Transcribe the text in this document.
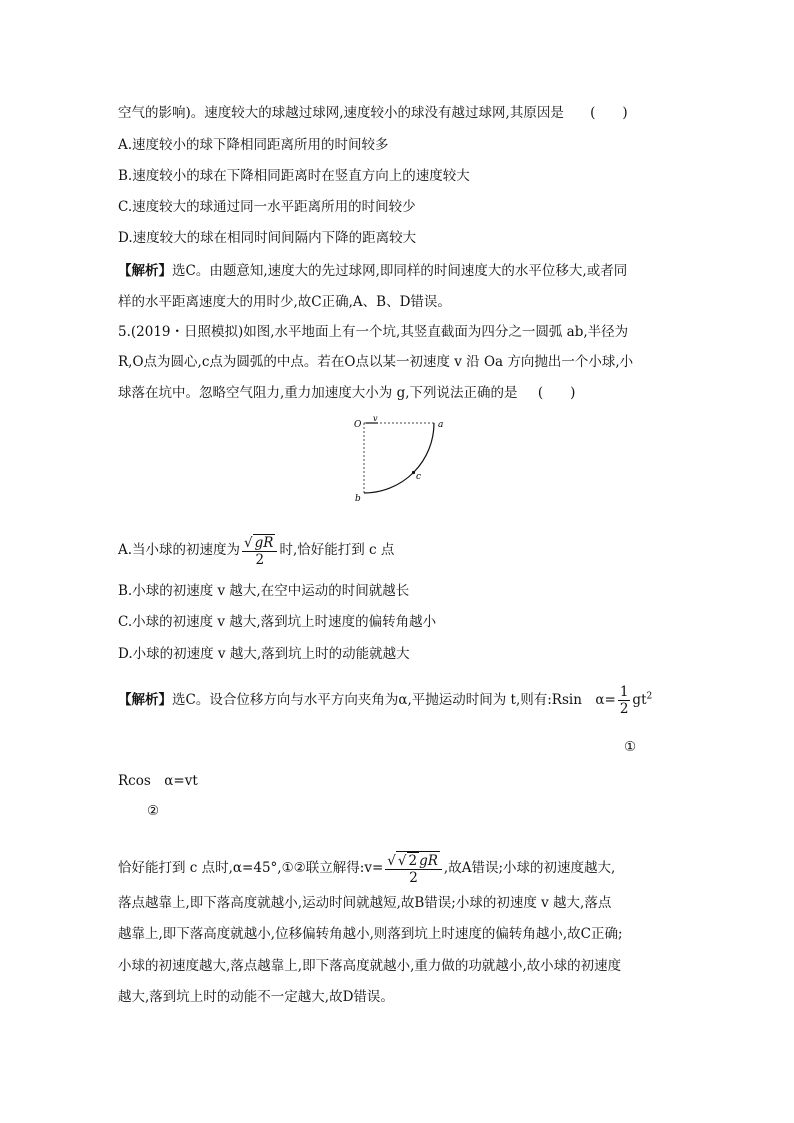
空气的影响)。速度较大的球越过球网,速度较小的球没有越过球网,其原因是 (　　)
A.速度较小的球下降相同距离所用的时间较多
B.速度较小的球在下降相同距离时在竖直方向上的速度较大
C.速度较大的球通过同一水平距离所用的时间较少
D.速度较大的球在相同时间间隔内下降的距离较大
【解析】选C。由题意知,速度大的先过球网,即同样的时间速度大的水平位移大,或者同
样的水平距离速度大的用时少,故C正确,A、B、D错误。
5.(2019・日照模拟)如图,水平地面上有一个坑,其竖直截面为四分之一圆弧 ab,半径为
R,O点为圆心,c点为圆弧的中点。若在O点以某一初速度 v 沿 Oa 方向抛出一个小球,小
球落在坑中。忽略空气阻力,重力加速度大小为 g,下列说法正确的是 (　　)
O
v
a
b
c
A.当小球的初速度为 $\frac{√ gR}{2}$ 时,恰好能打到 c 点
B.小球的初速度 v 越大,在空中运动的时间就越长
C.小球的初速度 v 越大,落到坑上时速度的偏转角越小
D.小球的初速度 v 越大,落到坑上时的动能就越大
【解析】选C。设合位移方向与水平方向夹角为α,平抛运动时间为 t,则有:Rsin　$\alpha= \frac{1}{2} gt^2$
①
Rcos　α=vt
②
恰好能打到 c 点时,α=45°,①②联立解得:v= $\frac{√ √ 2 gR}{2}$ ,故A错误;小球的初速度越大,
落点越靠上,即下落高度就越小,运动时间就越短,故B错误;小球的初速度 v 越大,落点
越靠上,即下落高度就越小,位移偏转角越小,则落到坑上时速度的偏转角越小,故C正确;
小球的初速度越大,落点越靠上,即下落高度就越小,重力做的功就越小,故小球的初速度
越大,落到坑上时的动能不一定越大,故D错误。
